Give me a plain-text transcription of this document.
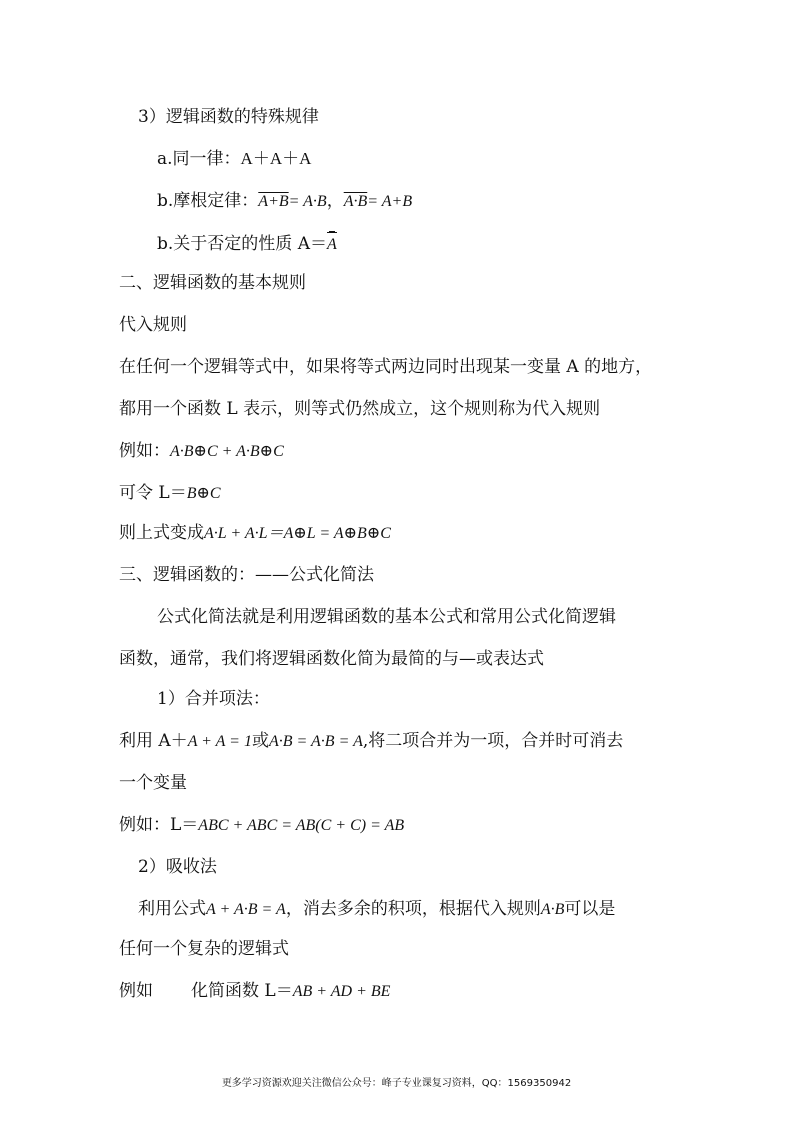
3）逻辑函数的特殊规律
a.同一律：A＋A＋A
b.摩根定律：A+B= A·B，A·B= A+B
b.关于否定的性质 A＝A
二、逻辑函数的基本规则
代入规则
在任何一个逻辑等式中，如果将等式两边同时出现某一变量 A 的地方，
都用一个函数 L 表示，则等式仍然成立，这个规则称为代入规则
例如：A·B⊕C + A·B⊕C
可令 L＝B⊕C
则上式变成A·L + A·L＝A⊕L = A⊕B⊕C
三、逻辑函数的：——公式化简法
公式化简法就是利用逻辑函数的基本公式和常用公式化简逻辑
函数，通常，我们将逻辑函数化简为最简的与—或表达式
1）合并项法：
利用 A＋A + A = 1或A·B = A·B = A,将二项合并为一项，合并时可消去
一个变量
例如：L＝ABC + ABC = AB(C + C) = AB
2）吸收法
利用公式A + A·B = A，消去多余的积项，根据代入规则A·B可以是
任何一个复杂的逻辑式
例如 化简函数 L＝AB + AD + BE
更多学习资源欢迎关注微信公众号：峰子专业课复习资料，QQ：1569350942
